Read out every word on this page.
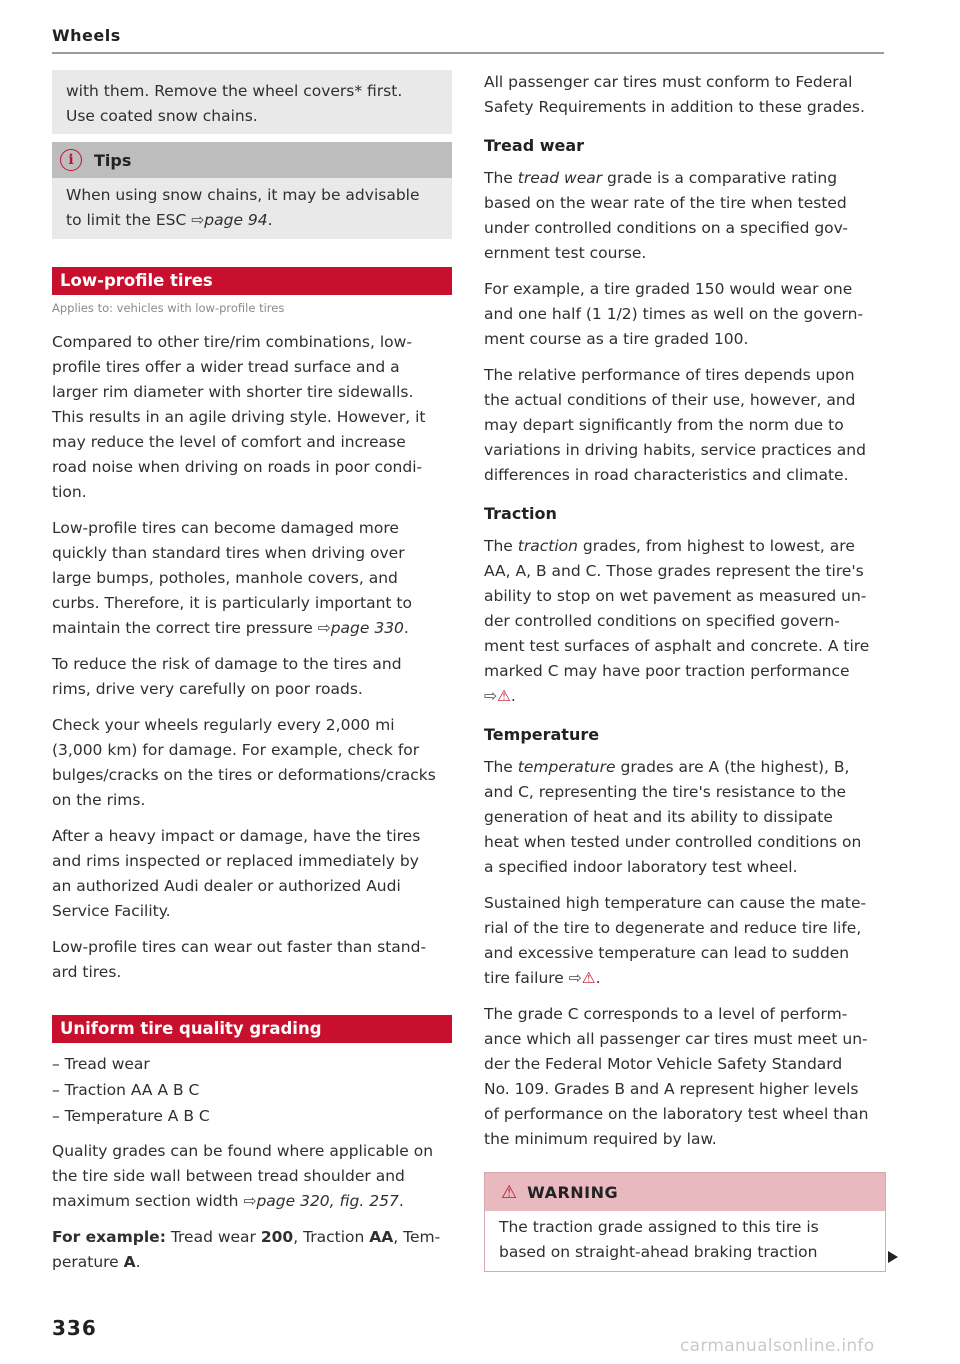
Wheels

with them. Remove the wheel covers* first.

Use coated snow chains.

i	Tips

When using snow chains, it may be advisable

to limit the ESC ⇨page 94.

Low-profile tires
Applies to: vehicles with low-profile tires

Compared to other tire/rim combinations, low-

profile tires offer a wider tread surface and a

larger rim diameter with shorter tire sidewalls.

This results in an agile driving style. However, it

may reduce the level of comfort and increase

road noise when driving on roads in poor condi-

tion.

Low-profile tires can become damaged more

quickly than standard tires when driving over

large bumps, potholes, manhole covers, and

curbs. Therefore, it is particularly important to

maintain the correct tire pressure ⇨page 330.

To reduce the risk of damage to the tires and

rims, drive very carefully on poor roads.

Check your wheels regularly every 2,000 mi

(3,000 km) for damage. For example, check for

bulges/cracks on the tires or deformations/cracks

on the rims.

After a heavy impact or damage, have the tires

and rims inspected or replaced immediately by

an authorized Audi dealer or authorized Audi

Service Facility.

Low-profile tires can wear out faster than stand-

ard tires.

Uniform tire quality grading
– Tread wear
– Traction AA A B C
– Temperature A B C

Quality grades can be found where applicable on

the tire side wall between tread shoulder and

maximum section width ⇨page 320, fig. 257.

For example: Tread wear 200, Traction AA, Tem-

perature A.

All passenger car tires must conform to Federal

Safety Requirements in addition to these grades.

Tread wear

The tread wear grade is a comparative rating

based on the wear rate of the tire when tested

under controlled conditions on a specified gov-

ernment test course.

For example, a tire graded 150 would wear one

and one half (1 1/2) times as well on the govern-

ment course as a tire graded 100.

The relative performance of tires depends upon

the actual conditions of their use, however, and

may depart significantly from the norm due to

variations in driving habits, service practices and

differences in road characteristics and climate.

Traction

The traction grades, from highest to lowest, are

AA, A, B and C. Those grades represent the tire's

ability to stop on wet pavement as measured un-

der controlled conditions on specified govern-

ment test surfaces of asphalt and concrete. A tire

marked C may have poor traction performance

⇨⚠.

Temperature

The temperature grades are A (the highest), B,

and C, representing the tire's resistance to the

generation of heat and its ability to dissipate

heat when tested under controlled conditions on

a specified indoor laboratory test wheel.

Sustained high temperature can cause the mate-

rial of the tire to degenerate and reduce tire life,

and excessive temperature can lead to sudden

tire failure ⇨⚠.

The grade C corresponds to a level of perform-

ance which all passenger car tires must meet un-

der the Federal Motor Vehicle Safety Standard

No. 109. Grades B and A represent higher levels

of performance on the laboratory test wheel than

the minimum required by law.

⚠ WARNING

The traction grade assigned to this tire is

based on straight-ahead braking traction

336
carmanualsonline.info
